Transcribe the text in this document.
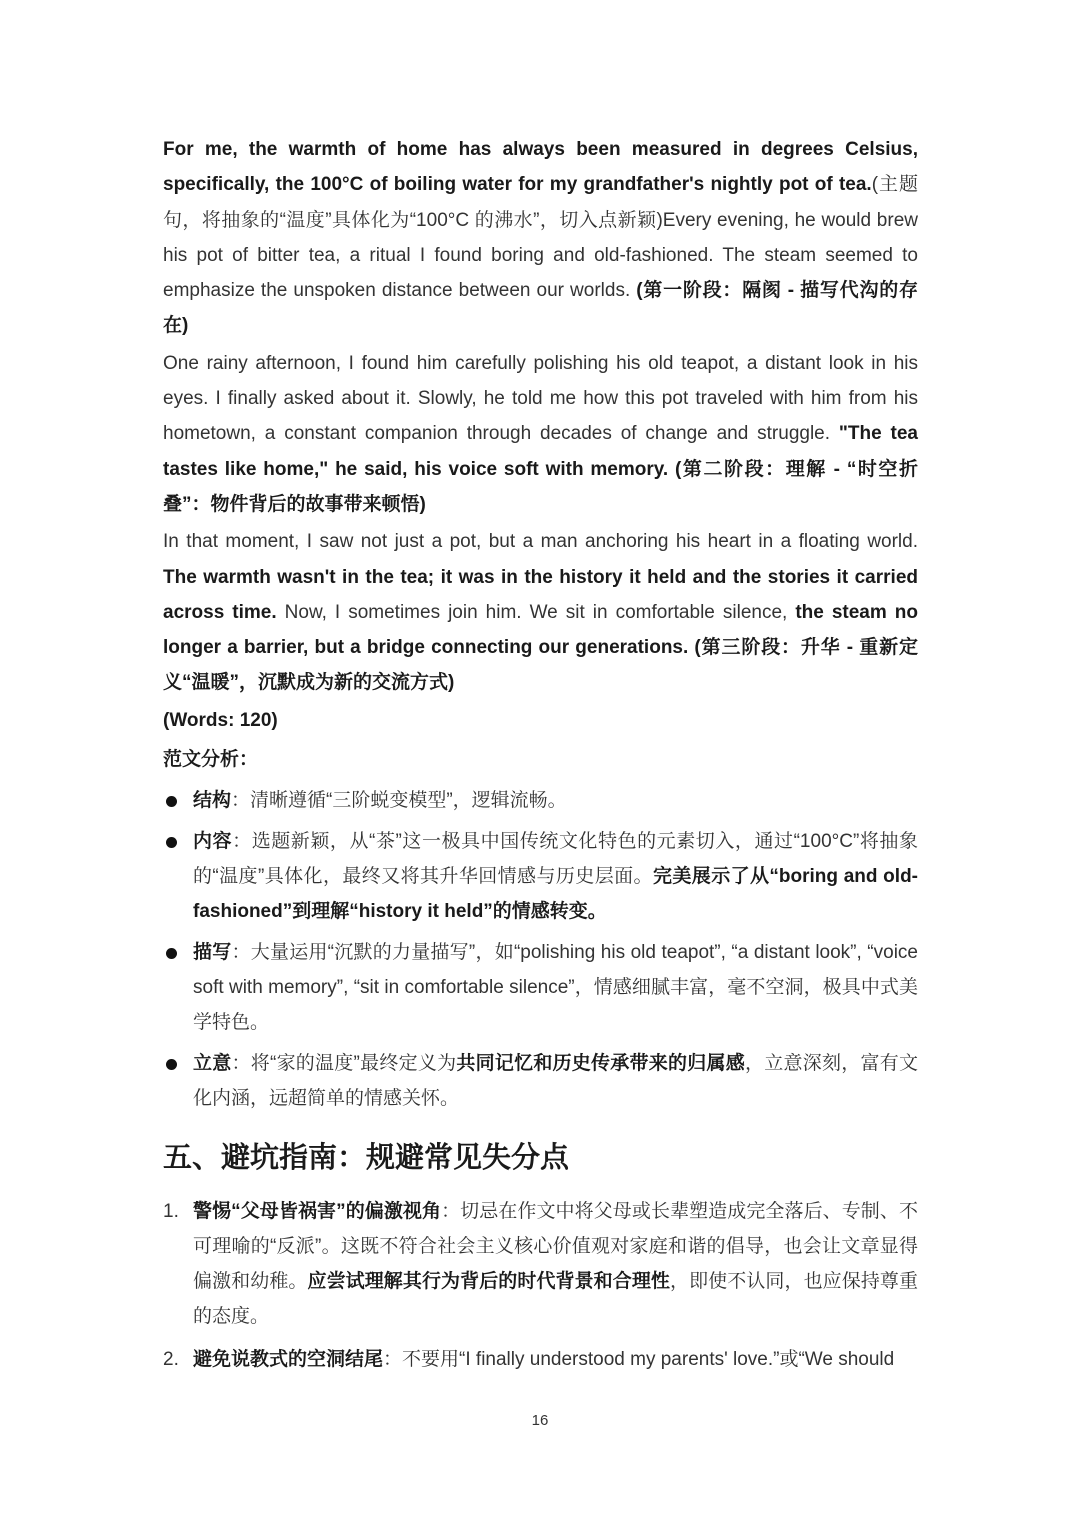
For me, the warmth of home has always been measured in degrees Celsius, specifically, the 100°C of boiling water for my grandfather's nightly pot of tea.(主题句，将抽象的“温度”具体化为“100°C 的沸水”，切入点新颖)Every evening, he would brew his pot of bitter tea, a ritual I found boring and old-fashioned. The steam seemed to emphasize the unspoken distance between our worlds. (第一阶段：隔阂 - 描写代沟的存在)

One rainy afternoon, I found him carefully polishing his old teapot, a distant look in his eyes. I finally asked about it. Slowly, he told me how this pot traveled with him from his hometown, a constant companion through decades of change and struggle. "The tea tastes like home," he said, his voice soft with memory. (第二阶段：理解 - “时空折叠”：物件背后的故事带来顿悟)

In that moment, I saw not just a pot, but a man anchoring his heart in a floating world. The warmth wasn't in the tea; it was in the history it held and the stories it carried across time. Now, I sometimes join him. We sit in comfortable silence, the steam no longer a barrier, but a bridge connecting our generations. (第三阶段：升华 - 重新定义“温暖”，沉默成为新的交流方式)

(Words: 120)

范文分析：

结构：清晰遵循“三阶蜕变模型”，逻辑流畅。
内容：选题新颖，从“茶”这一极具中国传统文化特色的元素切入，通过“100°C”将抽象的“温度”具体化，最终又将其升华回情感与历史层面。完美展示了从“boring and old-fashioned”到理解“history it held”的情感转变。
描写：大量运用“沉默的力量描写”，如“polishing his old teapot”, “a distant look”, “voice soft with memory”, “sit in comfortable silence”，情感细腻丰富，毫不空洞，极具中式美学特色。
立意：将“家的温度”最终定义为共同记忆和历史传承带来的归属感，立意深刻，富有文化内涵，远超简单的情感关怀。
五、避坑指南：规避常见失分点
1. 警惕“父母皆祸害”的偏激视角：切忌在作文中将父母或长辈塑造成完全落后、专制、不可理喻的“反派”。这既不符合社会主义核心价值观对家庭和谐的倡导，也会让文章显得偏激和幼稚。应尝试理解其行为背后的时代背景和合理性，即使不认同，也应保持尊重的态度。
2. 避免说教式的空洞结尾：不要用“I finally understood my parents' love.”或“We should
16
